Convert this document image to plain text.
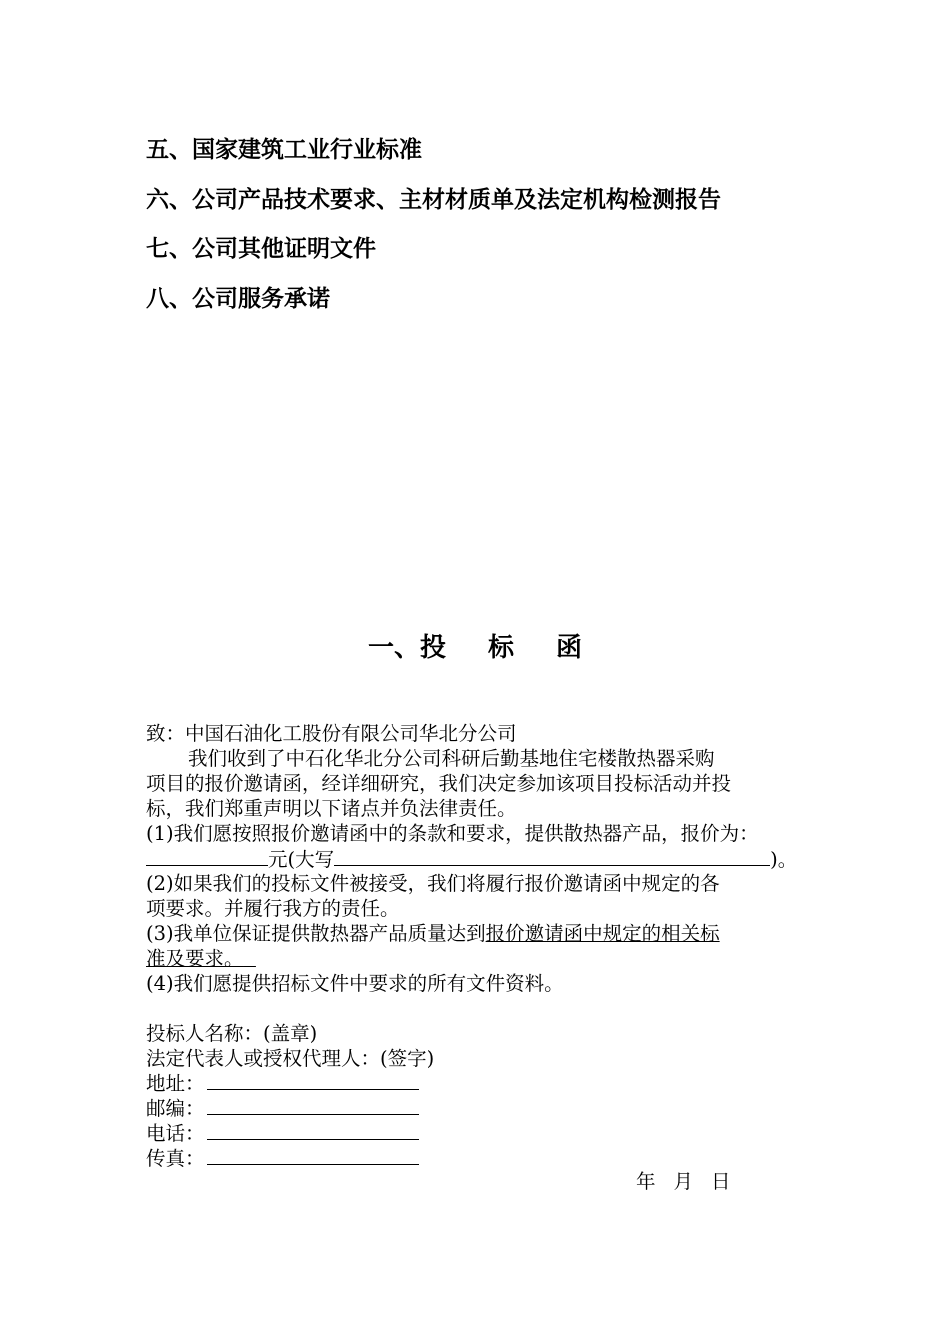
五、国家建筑工业行业标准
六、公司产品技术要求、主材材质单及法定机构检测报告
七、公司其他证明文件
八、公司服务承诺
一、投 标 函
致：中国石油化工股份有限公司华北分公司
我们收到了中石化华北分公司科研后勤基地住宅楼散热器采购
项目的报价邀请函，经详细研究，我们决定参加该项目投标活动并投
标，我们郑重声明以下诸点并负法律责任。
(1)我们愿按照报价邀请函中的条款和要求，提供散热器产品，报价为：
元(大写	)。
(2)如果我们的投标文件被接受，我们将履行报价邀请函中规定的各
项要求。并履行我方的责任。
(3)我单位保证提供散热器产品质量达到报价邀请函中规定的相关标
准及要求。
(4)我们愿提供招标文件中要求的所有文件资料。
投标人名称：(盖章)
法定代表人或授权代理人：(签字)
地址：
邮编：
电话：
传真：
年 月 日
